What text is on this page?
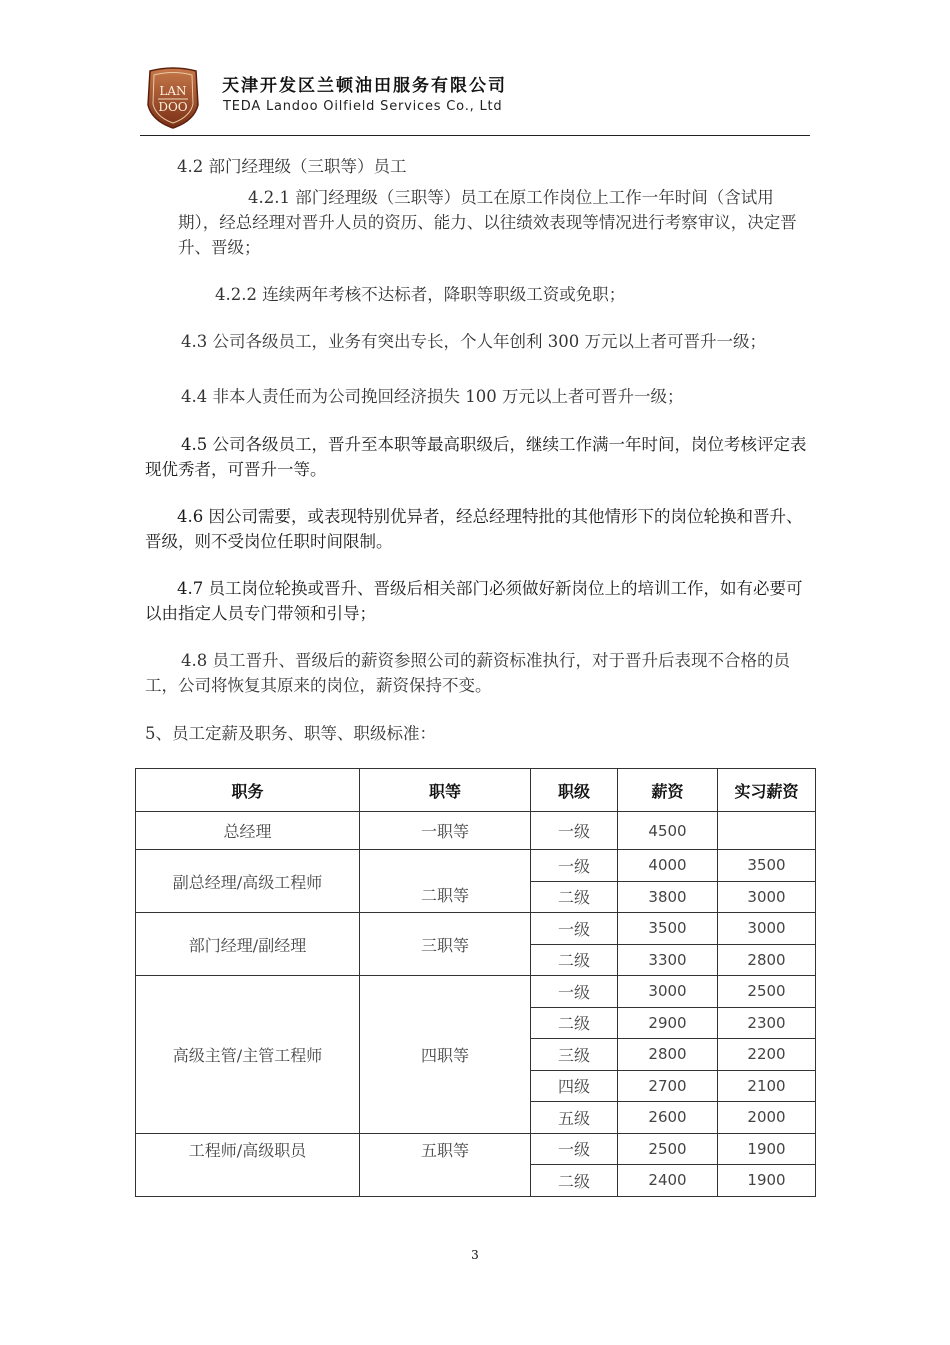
LAN
DOO
天津开发区兰顿油田服务有限公司
TEDA Landoo Oilfield Services Co., Ltd

4.2 部门经理级（三职等）员工

4.2.1 部门经理级（三职等）员工在原工作岗位上工作一年时间（含试用期），经总经理对晋升人员的资历、能力、以往绩效表现等情况进行考察审议，决定晋升、晋级；

4.2.2 连续两年考核不达标者，降职等职级工资或免职；

4.3 公司各级员工，业务有突出专长，个人年创利 300 万元以上者可晋升一级；

4.4 非本人责任而为公司挽回经济损失 100 万元以上者可晋升一级；

4.5 公司各级员工，晋升至本职等最高职级后，继续工作满一年时间，岗位考核评定表现优秀者，可晋升一等。

4.6 因公司需要，或表现特别优异者，经总经理特批的其他情形下的岗位轮换和晋升、晋级，则不受岗位任职时间限制。

4.7 员工岗位轮换或晋升、晋级后相关部门必须做好新岗位上的培训工作，如有必要可以由指定人员专门带领和引导；

4.8 员工晋升、晋级后的薪资参照公司的薪资标准执行，对于晋升后表现不合格的员工，公司将恢复其原来的岗位，薪资保持不变。

5、员工定薪及职务、职等、职级标准：

职务	职等	职级	薪资	实习薪资
总经理	一职等	一级	4500	
副总经理/高级工程师	二职等	一级	4000	3500
		二级	3800	3000
部门经理/副经理	三职等	一级	3500	3000
		二级	3300	2800
高级主管/主管工程师	四职等	一级	3000	2500
		二级	2900	2300
		三级	2800	2200
		四级	2700	2100
		五级	2600	2000
工程师/高级职员	五职等	一级	2500	1900
		二级	2400	1900
3
